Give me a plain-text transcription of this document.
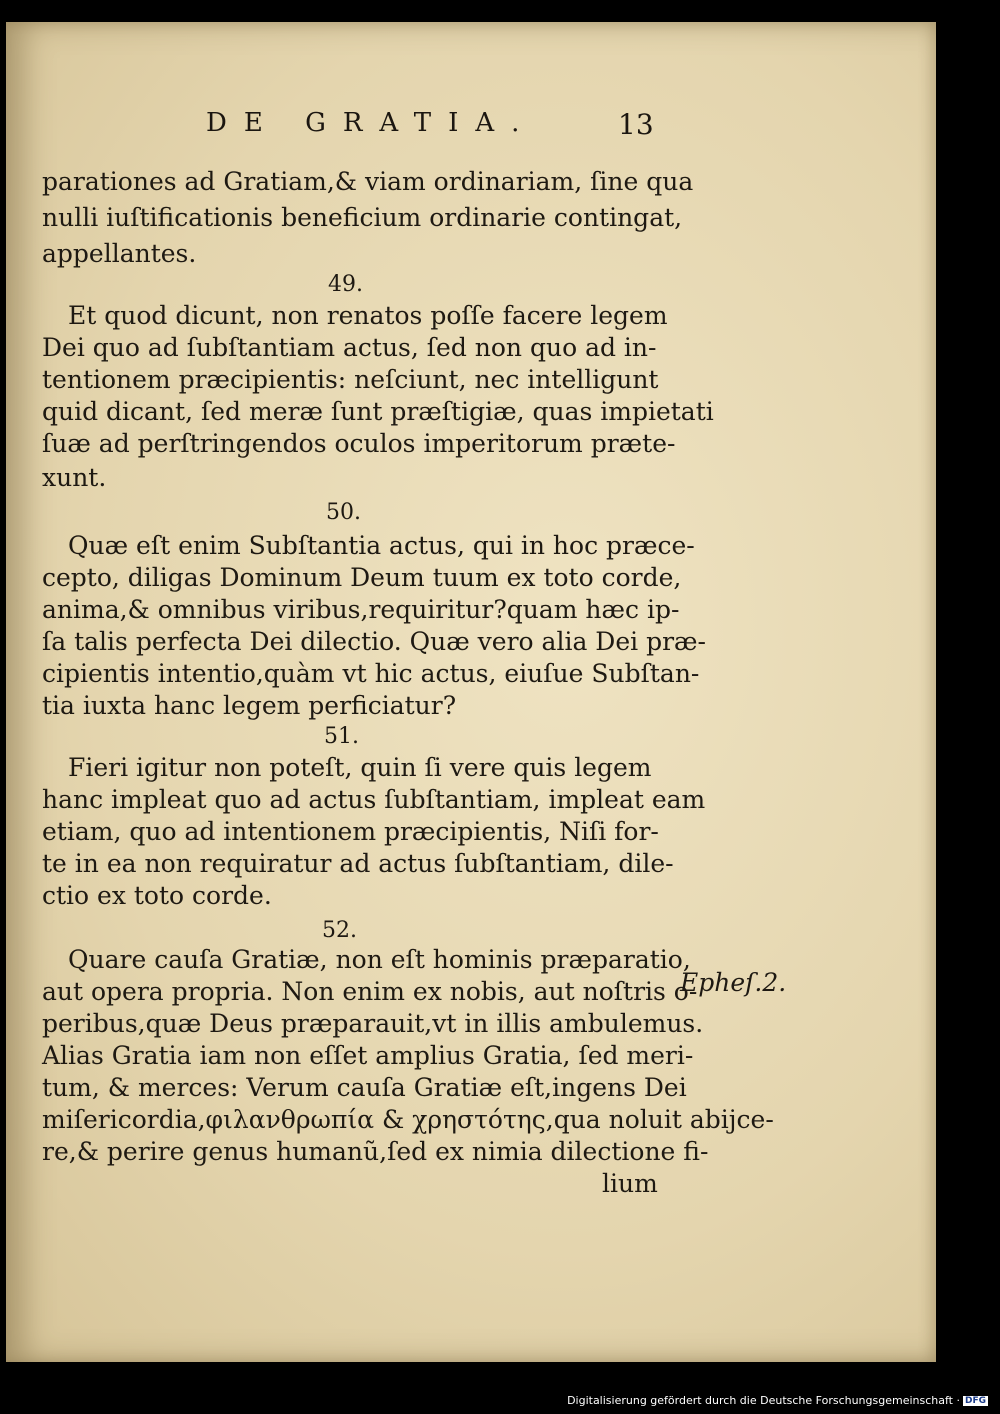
DE GRATIA.	13
parationes ad Gratiam,& viam ordinariam, ſine qua
nulli iuſtificationis beneficium ordinarie contingat,
appellantes.
49.
Et quod dicunt, non renatos poſſe facere legem
Dei quo ad ſubſtantiam actus, ſed non quo ad in-
tentionem præcipientis: neſciunt, nec intelligunt
quid dicant, ſed meræ ſunt præſtigiæ, quas impietati
ſuæ ad perſtringendos oculos imperitorum præte-
xunt.
50.
Quæ eſt enim Subſtantia actus, qui in hoc præce-
cepto, diligas Dominum Deum tuum ex toto corde,
anima,& omnibus viribus,requiritur?quam hæc ip-
ſa talis perfecta Dei dilectio. Quæ vero alia Dei præ-
cipientis intentio,quàm vt hic actus, eiuſue Subſtan-
tia iuxta hanc legem perficiatur?
51.
Fieri igitur non poteſt, quin ſi vere quis legem
hanc impleat quo ad actus ſubſtantiam, impleat eam
etiam, quo ad intentionem præcipientis, Niſi for-
te in ea non requiratur ad actus ſubſtantiam, dile-
ctio ex toto corde.
52.
Quare cauſa Gratiæ, non eſt hominis præparatio,
aut opera propria. Non enim ex nobis, aut noſtris o-
peribus,quæ Deus præparauit,vt in illis ambulemus.
Alias Gratia iam non eſſet amplius Gratia, ſed meri-
tum, & merces: Verum cauſa Gratiæ eſt,ingens Dei
miſericordia,φιλανθρωπία & χρηστότης,qua noluit abijce-
re,& perire genus humanũ,ſed ex nimia dilectione fi-
lium
Epheſ.2.
Digitalisierung gefördert durch die Deutsche Forschungsgemeinschaft · DFG
